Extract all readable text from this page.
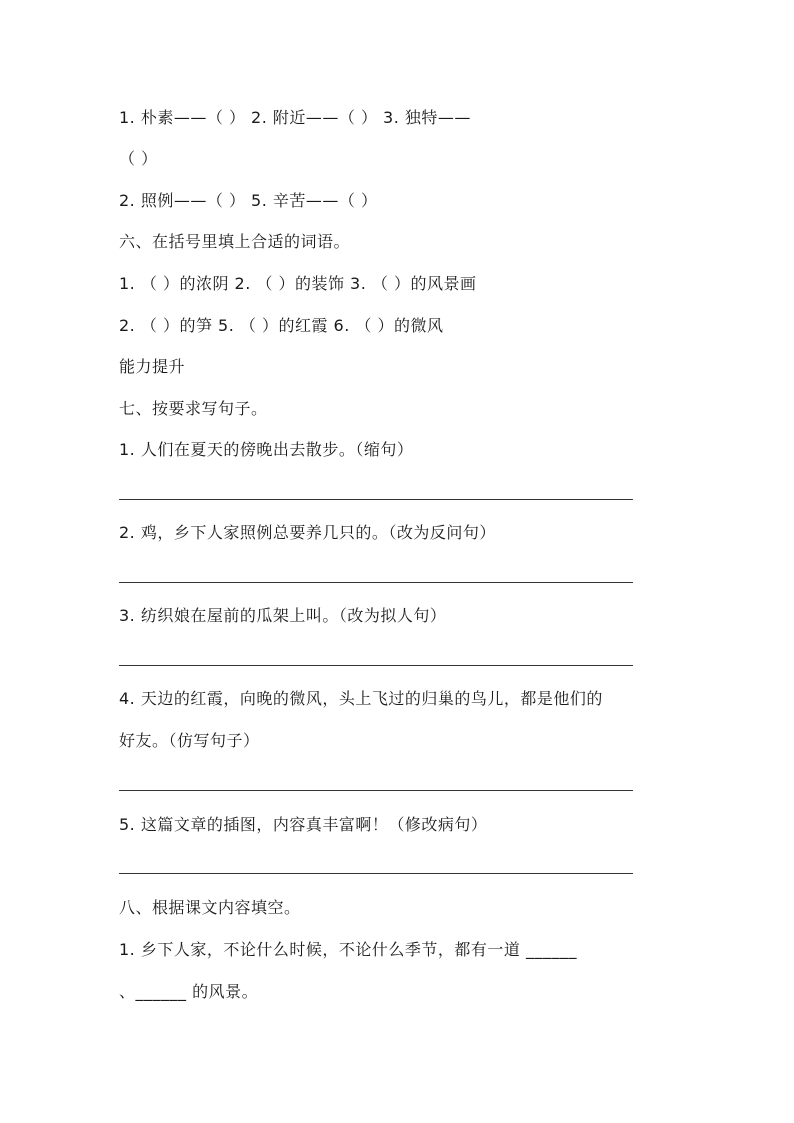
1. 朴素——（ ） 2. 附近——（ ） 3. 独特——
（ ）
2. 照例——（ ） 5. 辛苦——（ ）
六、在括号里填上合适的词语。
1. （ ）的浓阴 2. （ ）的装饰 3. （ ）的风景画
2. （ ）的笋 5. （ ）的红霞 6. （ ）的微风
能力提升
七、按要求写句子。
1. 人们在夏天的傍晚出去散步。（缩句）
2. 鸡，乡下人家照例总要养几只的。（改为反问句）
3. 纺织娘在屋前的瓜架上叫。（改为拟人句）
4. 天边的红霞，向晚的微风，头上飞过的归巢的鸟儿，都是他们的
好友。（仿写句子）
5. 这篇文章的插图，内容真丰富啊！（修改病句）
八、根据课文内容填空。
1. 乡下人家，不论什么时候，不论什么季节，都有一道 ______
、______ 的风景。
